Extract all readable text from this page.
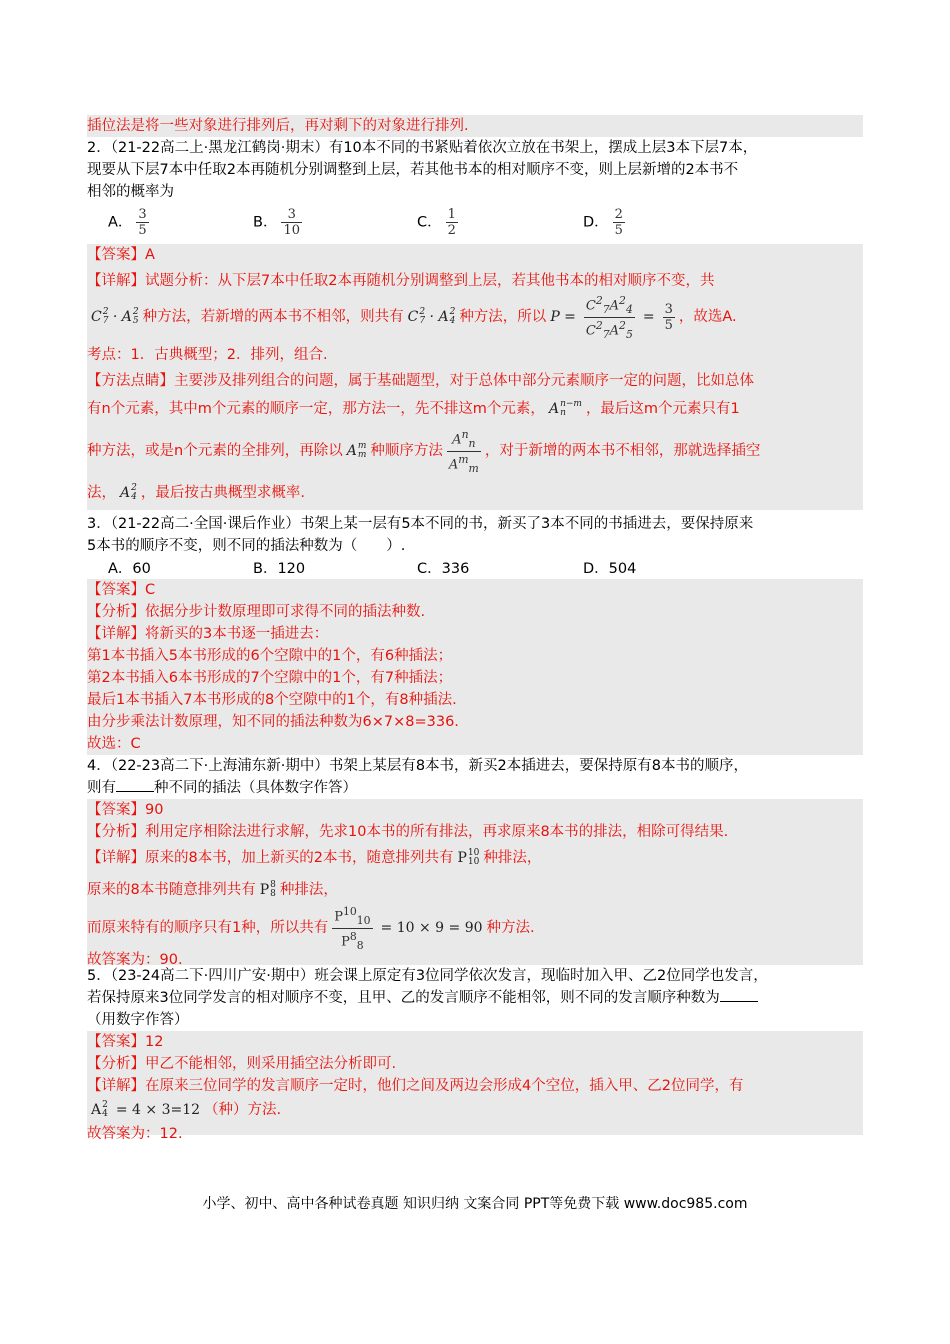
插位法是将一些对象进行排列后，再对剩下的对象进行排列.
2．（21-22高二上·黑龙江鹤岗·期末）有10本不同的书紧贴着依次立放在书架上，摆成上层3本下层7本，
现要从下层7本中任取2本再随机分别调整到上层，若其他书本的相对顺序不变，则上层新增的2本书不
相邻的概率为
A． $\frac{3}{5}$	B． $\frac{3}{10}$	C． $\frac{1}{2}$	D． $\frac{2}{5}$
【答案】A
【详解】试题分析：从下层7本中任取2本再随机分别调整到上层，若其他书本的相对顺序不变，共
C 2
7 · A 2
5 种方法，若新增的两本书不相邻，则共有 C 2
7 · A 2
4 种方法，所以 $P = \frac{C^2_7A^2_4}{C^2_7A^2_5} = \frac{3}{5}$ ，故选A.
考点：1．古典概型；2．排列，组合.
【方法点睛】主要涉及排列组合的问题，属于基础题型，对于总体中部分元素顺序一定的问题，比如总体
有n个元素，其中m个元素的顺序一定，那方法一，先不排这m个元素， A n−m
n	，最后这m个元素只有1
种方法，或是n个元素的全排列，再除以 A m
m 种顺序方法 $\frac{A^n_n}{A^m_m}$ ，对于新增的两本书不相邻，那就选择插空
法， A 2
4 ，最后按古典概型求概率.
3．（21-22高二·全国·课后作业）书架上某一层有5本不同的书，新买了3本不同的书插进去，要保持原来
5本书的顺序不变，则不同的插法种数为（　　）.
A．60	B．120	C．336	D．504
【答案】C
【分析】依据分步计数原理即可求得不同的插法种数.
【详解】将新买的3本书逐一插进去：
第1本书插入5本书形成的6个空隙中的1个，有6种插法；
第2本书插入6本书形成的7个空隙中的1个，有7种插法；
最后1本书插入7本书形成的8个空隙中的1个，有8种插法.
由分步乘法计数原理，知不同的插法种数为6×7×8=336.
故选：C
4．（22-23高二下·上海浦东新·期中）书架上某层有8本书，新买2本插进去，要保持原有8本书的顺序，
则有	种不同的插法（具体数字作答）
【答案】90
【分析】利用定序相除法进行求解，先求10本书的所有排法，再求原来8本书的排法，相除可得结果.
【详解】原来的8本书，加上新买的2本书，随意排列共有 P 10
10 种排法，
原来的8本书随意排列共有 P 8
8 种排法，
而原来特有的顺序只有1种，所以共有 $\frac{P^{10}_{10}}{P^8_8} = 10 \times 9 = 90$ 种方法.
故答案为：90.
5．（23-24高二下·四川广安·期中）班会课上原定有3位同学依次发言，现临时加入甲、乙2位同学也发言，
若保持原来3位同学发言的相对顺序不变，且甲、乙的发言顺序不能相邻，则不同的发言顺序种数为
（用数字作答）
【答案】12
【分析】甲乙不能相邻，则采用插空法分析即可.
【详解】在原来三位同学的发言顺序一定时，他们之间及两边会形成4个空位，插入甲、乙2位同学，有
A 2
4 = 4 × 3=12 （种）方法.
故答案为：12.
小学、初中、高中各种试卷真题 知识归纳 文案合同 PPT等免费下载 www.doc985.com
